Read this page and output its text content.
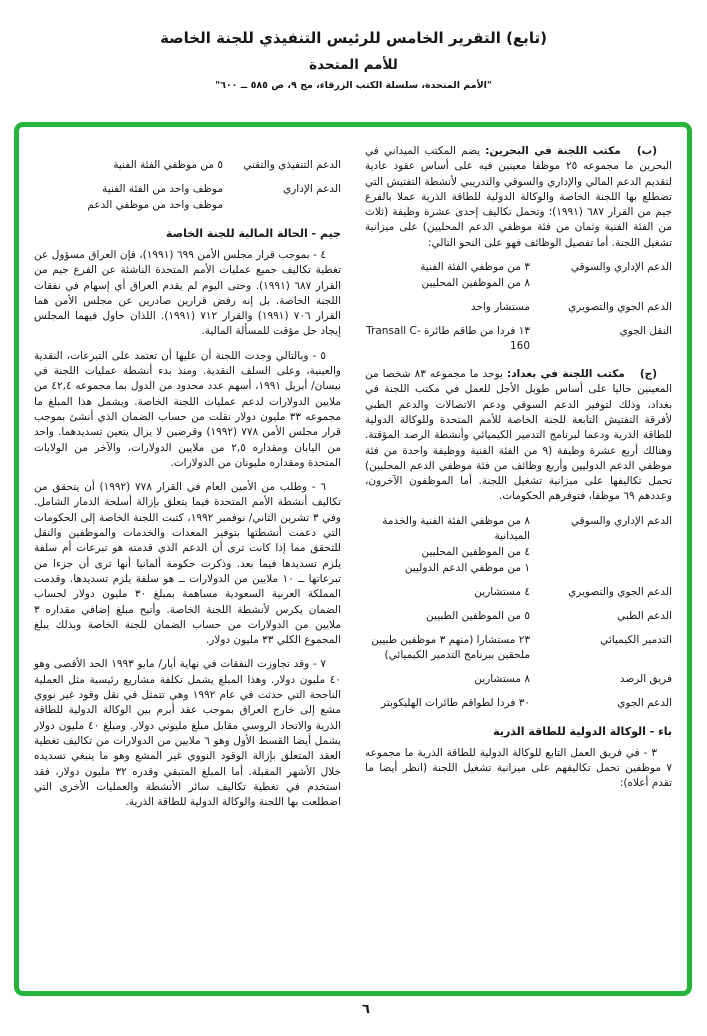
(تابع) التقرير الخامس للرئيس التنفيذي للجنة الخاصة
للأمم المتحدة
"الأمم المتحدة، سلسلة الكتب الزرقاء، مج ٩، ص ٥٨٥ ــ ٦٠٠"

(ب) مكتب اللجنة في البحرين: يضم المكتب الميداني في البحرين ما مجموعه ٢٥ موظفا معينين فيه على أساس عقود عادية لتقديم الدعم المالي والإداري والسوقي والتدريبي لأنشطة التفتيش التي تضطلع بها اللجنة الخاصة والوكالة الدولية للطاقة الذرية عملا بالفرع جيم من القرار ٦٨٧ (١٩٩١)؛ وتحمل تكاليف إحدى عشرة وظيفة (ثلاث من الفئة الفنية وثمان من فئة موظفي الدعم المحليين) على ميزانية تشغيل اللجنة. أما تفصيل الوظائف فهو على النحو التالي:

الدعم الإداري والسوقي
٣ من موظفي الفئة الفنية
٨ من الموظفين المحليين
الدعم الجوي والتصويري
مستشار واحد
النقل الجوي
١٣ فردا من طاقم طائرة Transall C-160

(ج) مكتب اللجنة في بغداد: يوجد ما مجموعه ٨٣ شخصا من المعينين حاليا على أساس طويل الأجل للعمل في مكتب اللجنة في بغداد، وذلك لتوفير الدعم السوقي ودعم الاتصالات والدعم الطبي لأفرقة التفتيش التابعة للجنة الخاصة للأمم المتحدة وللوكالة الدولية للطاقة الذرية ودعما لبرنامج التدمير الكيميائي وأنشطة الرصد المؤقتة. وهنالك أربع عشرة وظيفة (٩ من الفئة الفنية ووظيفة واحدة من فئة موظفي الدعم الدوليين وأربع وظائف من فئة موظفي الدعم المحليين) تحمل تكاليفها على ميزانية تشغيل اللجنة. أما الموظفون الآخرون، وعددهم ٦٩ موظفا، فتوفرهم الحكومات.

الدعم الإداري والسوقي
٨ من موظفي الفئة الفنية والخدمة الميدانية
٤ من الموظفين المحليين
١ من موظفي الدعم الدوليين
الدعم الجوي والتصويري
٤ مستشارين
الدعم الطبي
٥ من الموظفين الطبيين
التدمير الكيميائي
٢٣ مستشارا (منهم ٣ موظفين طبيين ملحقين ببرنامج التدمير الكيميائي)
فريق الرصد
٨ مستشارين
الدعم الجوي
٣٠ فردا لطواقم طائرات الهليكوبتر
باء - الوكالة الدولية للطاقة الذرية

٣ - في فريق العمل التابع للوكالة الدولية للطاقة الذرية ما مجموعه ٧ موظفين تحمل تكاليفهم على ميزانية تشغيل اللجنة (انظر أيضا ما تقدم أعلاه):

الدعم التنفيذي والتقني
٥ من موظفي الفئة الفنية
الدعم الإداري
موظف واحد من الفئة الفنية
موظف واحد من موظفي الدعم
جيم - الحالة المالية للجنة الخاصة

٤ - بموجب قرار مجلس الأمن ٦٩٩ (١٩٩١)، فإن العراق مسؤول عن تغطية تكاليف جميع عمليات الأمم المتحدة الناشئة عن الفرع جيم من القرار ٦٨٧ (١٩٩١). وحتى اليوم لم يقدم العراق أي إسهام في نفقات اللجنة الخاصة. بل إنه رفض قرارين صادرين عن مجلس الأمن هما القرار ٧٠٦ (١٩٩١) والقرار ٧١٢ (١٩٩١). اللذان حاول فيهما المجلس إيجاد حل مؤقت للمسألة المالية.

٥ - وبالتالي وجدت اللجنة أن عليها أن تعتمد على التبرعات، النقدية والعينية، وعلى السلف النقدية. ومنذ بدء أنشطة عمليات اللجنة في نيسان/ أبريل ١٩٩١، أسهم عدد محدود من الدول بما مجموعه ٤٢,٤ من ملايين الدولارات لدعم عمليات اللجنة الخاصة. ويشمل هذا المبلغ ما مجموعه ٣٣ مليون دولار نقلت من حساب الضمان الذي أنشئ بموجب قرار مجلس الأمن ٧٧٨ (١٩٩٢) وقرضين لا يزال يتعين تسديدهما. واحد من اليابان ومقداره ٢,٥ من ملايين الدولارات، والآخر من الولايات المتحدة ومقداره مليونان من الدولارات.

٦ - وطلب من الأمين العام في القرار ٧٧٨ (١٩٩٢) أن يتحقق من تكاليف أنشطة الأمم المتحدة فيما يتعلق بإزالة أسلحة الدمار الشامل. وفي ٣ تشرين الثاني/ نوفمبر ١٩٩٢، كتبت اللجنة الخاصة إلى الحكومات التي دعمت أنشطتها بتوفير المعدات والخدمات والموظفين والنقل للتحقق مما إذا كانت ترى أن الدعم الذي قدمته هو تبرعات أم سلفة يلزم تسديدها فيما بعد. وذكرت حكومة ألمانيا أنها ترى أن جزءا من تبرعاتها ــ ١٠ ملايين من الدولارات ــ هو سلفة يلزم تسديدها. وقدمت المملكة العربية السعودية مساهمة بمبلغ ٣٠ مليون دولار لحساب الضمان يكرس لأنشطة اللجنة الخاصة. وأتيح مبلغ إضافي مقداره ٣ ملايين من الدولارات من حساب الضمان للجنة الخاصة وبذلك يبلغ المجموع الكلي ٣٣ مليون دولار.

٧ - وقد تجاوزت النفقات في نهاية أيار/ مايو ١٩٩٣ الحد الأقصى وهو ٤٠ مليون دولار. وهذا المبلغ يشمل تكلفة مشاريع رئيسية مثل العملية الناجحة التي حدثت في عام ١٩٩٢ وهي تتمثل في نقل وقود غير نووي مشع إلى خارج العراق بموجب عقد أبرم بين الوكالة الدولية للطاقة الذرية والاتحاد الروسي مقابل مبلغ مليوني دولار. ومبلغ ٤٠ مليون دولار يشمل أيضا القسط الأول وهو ٦ ملايين من الدولارات من تكاليف تغطية العقد المتعلق بإزالة الوقود النووي غير المشع وهو ما ينبغي تسديده خلال الأشهر المقبلة. أما المبلغ المتبقي وقدره ٣٢ مليون دولار، فقد استخدم في تغطية تكاليف سائر الأنشطة والعمليات الأخرى التي اضطلعت بها اللجنة والوكالة الدولية للطاقة الذرية.

٦
